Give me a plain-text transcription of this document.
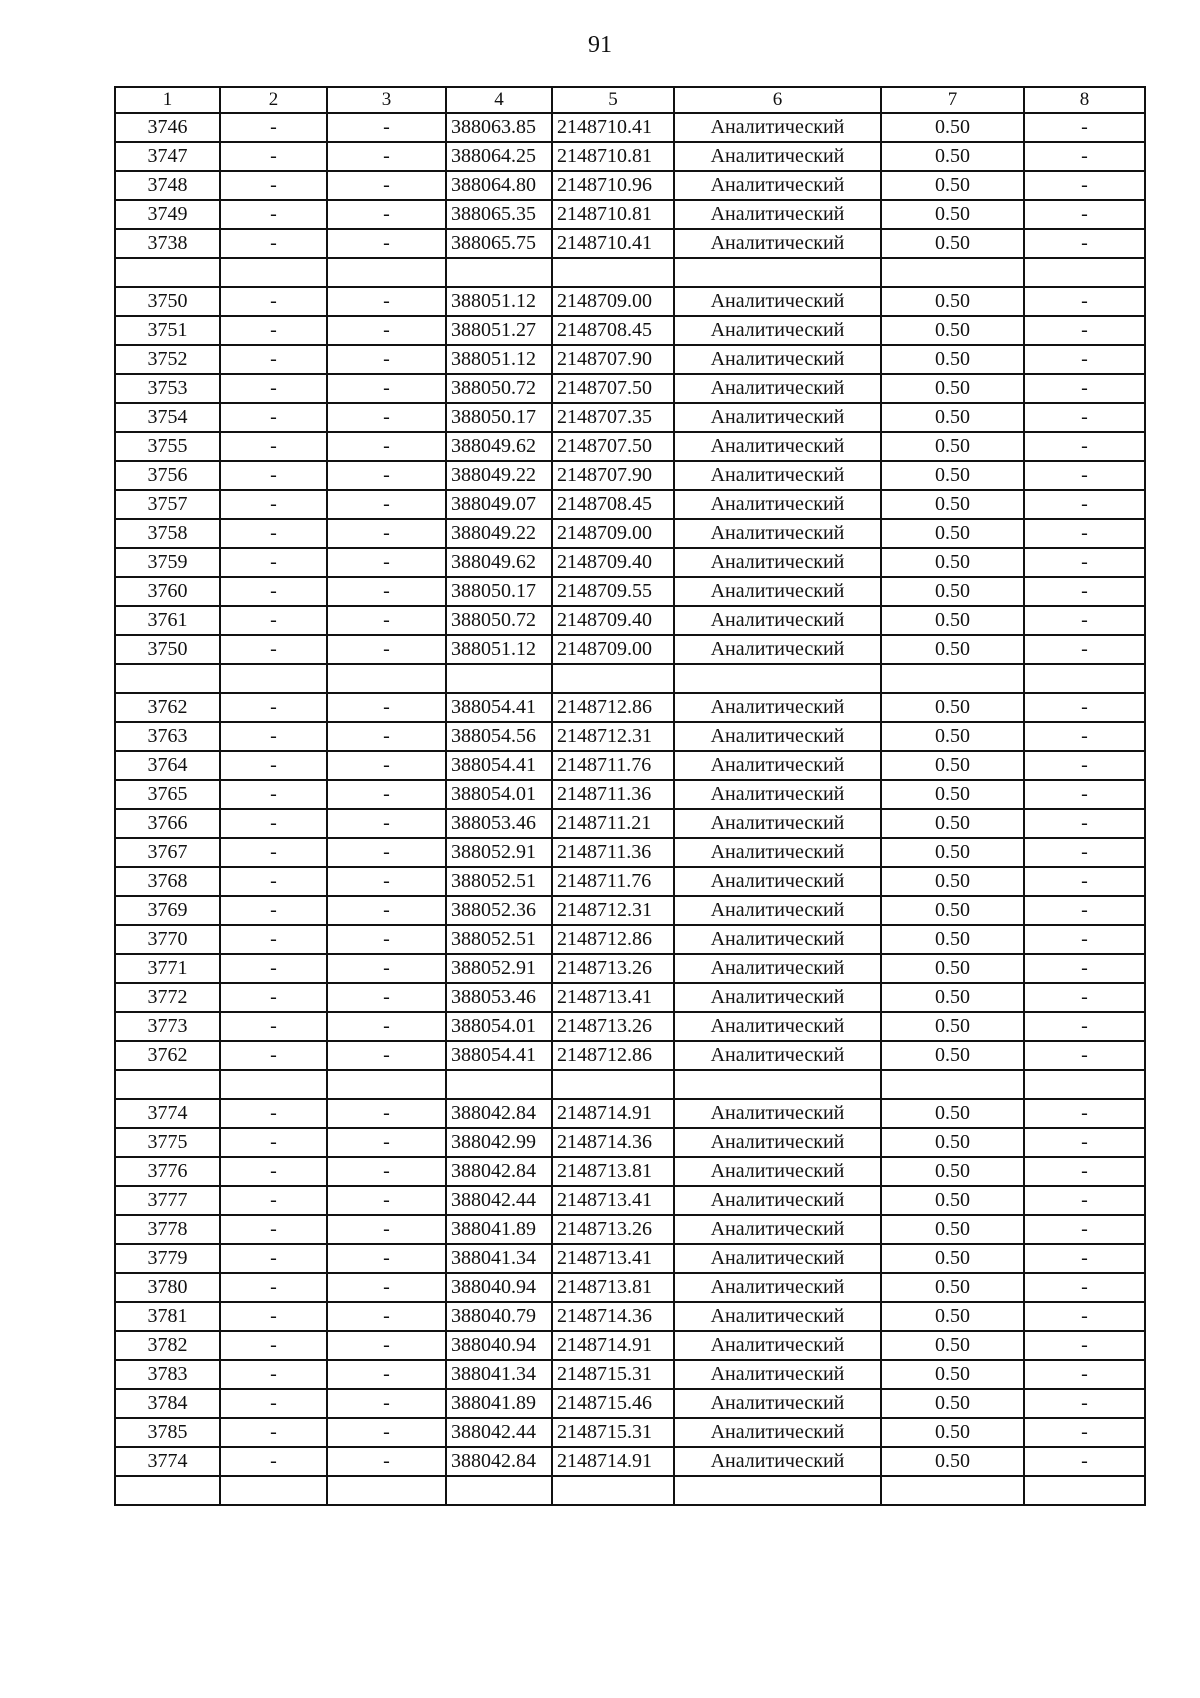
91
1	2	3	4	5	6	7	8
3746	-	-	388063.85	2148710.41	Аналитический	0.50	-
3747	-	-	388064.25	2148710.81	Аналитический	0.50	-
3748	-	-	388064.80	2148710.96	Аналитический	0.50	-
3749	-	-	388065.35	2148710.81	Аналитический	0.50	-
3738	-	-	388065.75	2148710.41	Аналитический	0.50	-

3750	-	-	388051.12	2148709.00	Аналитический	0.50	-
3751	-	-	388051.27	2148708.45	Аналитический	0.50	-
3752	-	-	388051.12	2148707.90	Аналитический	0.50	-
3753	-	-	388050.72	2148707.50	Аналитический	0.50	-
3754	-	-	388050.17	2148707.35	Аналитический	0.50	-
3755	-	-	388049.62	2148707.50	Аналитический	0.50	-
3756	-	-	388049.22	2148707.90	Аналитический	0.50	-
3757	-	-	388049.07	2148708.45	Аналитический	0.50	-
3758	-	-	388049.22	2148709.00	Аналитический	0.50	-
3759	-	-	388049.62	2148709.40	Аналитический	0.50	-
3760	-	-	388050.17	2148709.55	Аналитический	0.50	-
3761	-	-	388050.72	2148709.40	Аналитический	0.50	-
3750	-	-	388051.12	2148709.00	Аналитический	0.50	-

3762	-	-	388054.41	2148712.86	Аналитический	0.50	-
3763	-	-	388054.56	2148712.31	Аналитический	0.50	-
3764	-	-	388054.41	2148711.76	Аналитический	0.50	-
3765	-	-	388054.01	2148711.36	Аналитический	0.50	-
3766	-	-	388053.46	2148711.21	Аналитический	0.50	-
3767	-	-	388052.91	2148711.36	Аналитический	0.50	-
3768	-	-	388052.51	2148711.76	Аналитический	0.50	-
3769	-	-	388052.36	2148712.31	Аналитический	0.50	-
3770	-	-	388052.51	2148712.86	Аналитический	0.50	-
3771	-	-	388052.91	2148713.26	Аналитический	0.50	-
3772	-	-	388053.46	2148713.41	Аналитический	0.50	-
3773	-	-	388054.01	2148713.26	Аналитический	0.50	-
3762	-	-	388054.41	2148712.86	Аналитический	0.50	-

3774	-	-	388042.84	2148714.91	Аналитический	0.50	-
3775	-	-	388042.99	2148714.36	Аналитический	0.50	-
3776	-	-	388042.84	2148713.81	Аналитический	0.50	-
3777	-	-	388042.44	2148713.41	Аналитический	0.50	-
3778	-	-	388041.89	2148713.26	Аналитический	0.50	-
3779	-	-	388041.34	2148713.41	Аналитический	0.50	-
3780	-	-	388040.94	2148713.81	Аналитический	0.50	-
3781	-	-	388040.79	2148714.36	Аналитический	0.50	-
3782	-	-	388040.94	2148714.91	Аналитический	0.50	-
3783	-	-	388041.34	2148715.31	Аналитический	0.50	-
3784	-	-	388041.89	2148715.46	Аналитический	0.50	-
3785	-	-	388042.44	2148715.31	Аналитический	0.50	-
3774	-	-	388042.84	2148714.91	Аналитический	0.50	-
